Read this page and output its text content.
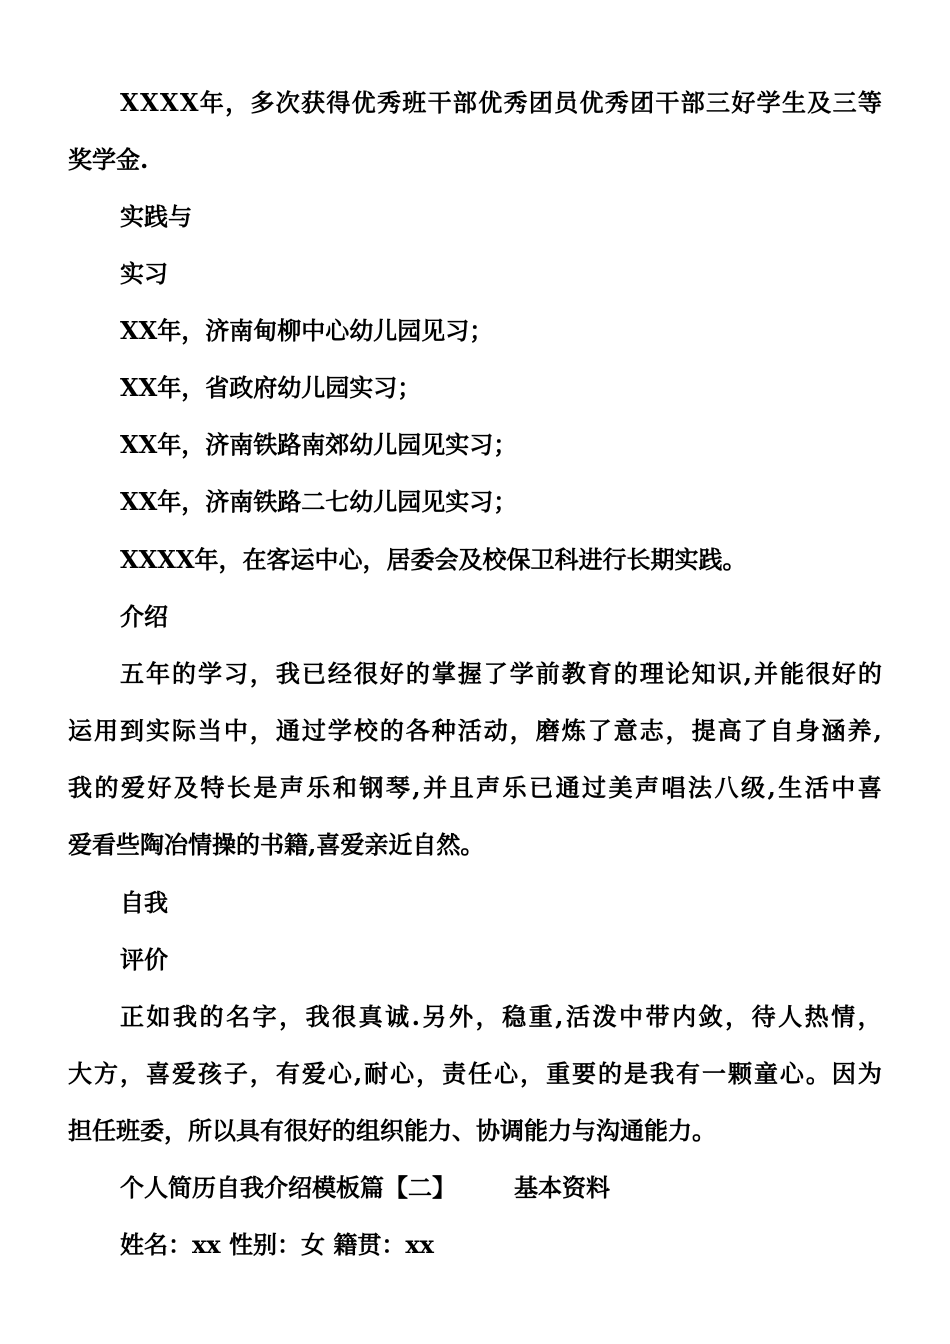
X X X X 年 ， 多 次 获 得 优 秀 班 干 部 优 秀 团 员 优 秀 团 干 部 三 好 学 生 及 三 等

奖学金.

实践与

实习

XX年，济南甸柳中心幼儿园见习；

XX年，省政府幼儿园实习；

XX年，济南铁路南郊幼儿园见实习；

XX年，济南铁路二七幼儿园见实习；

XXXX年，在客运中心，居委会及校保卫科进行长期实践。

介绍

五 年 的 学 习 ， 我 已 经 很 好 的 掌 握 了 学 前 教 育 的 理 论 知 识 , 并 能 很 好 的

运 用 到 实 际 当 中 ， 通 过 学 校 的 各 种 活 动 ， 磨 炼 了 意 志 ， 提 高 了 自 身 涵 养 ,

我 的 爱 好 及 特 长 是 声 乐 和 钢 琴 , 并 且 声 乐 已 通 过 美 声 唱 法 八 级 , 生 活 中 喜

爱看些陶冶情操的书籍,喜爱亲近自然。

自我

评价

正 如 我 的 名 字 ， 我 很 真 诚 . 另 外 ， 稳 重 , 活 泼 中 带 内 敛 ， 待 人 热 情 ，

大 方 ， 喜 爱 孩 子 ， 有 爱 心 , 耐 心 ， 责 任 心 ， 重 要 的 是 我 有 一 颗 童 心 。 因 为

担任班委，所以具有很好的组织能力、协调能力与沟通能力。

个人简历自我介绍模板篇【二】 基本资料

姓名：xx 性别：女 籍贯：xx
